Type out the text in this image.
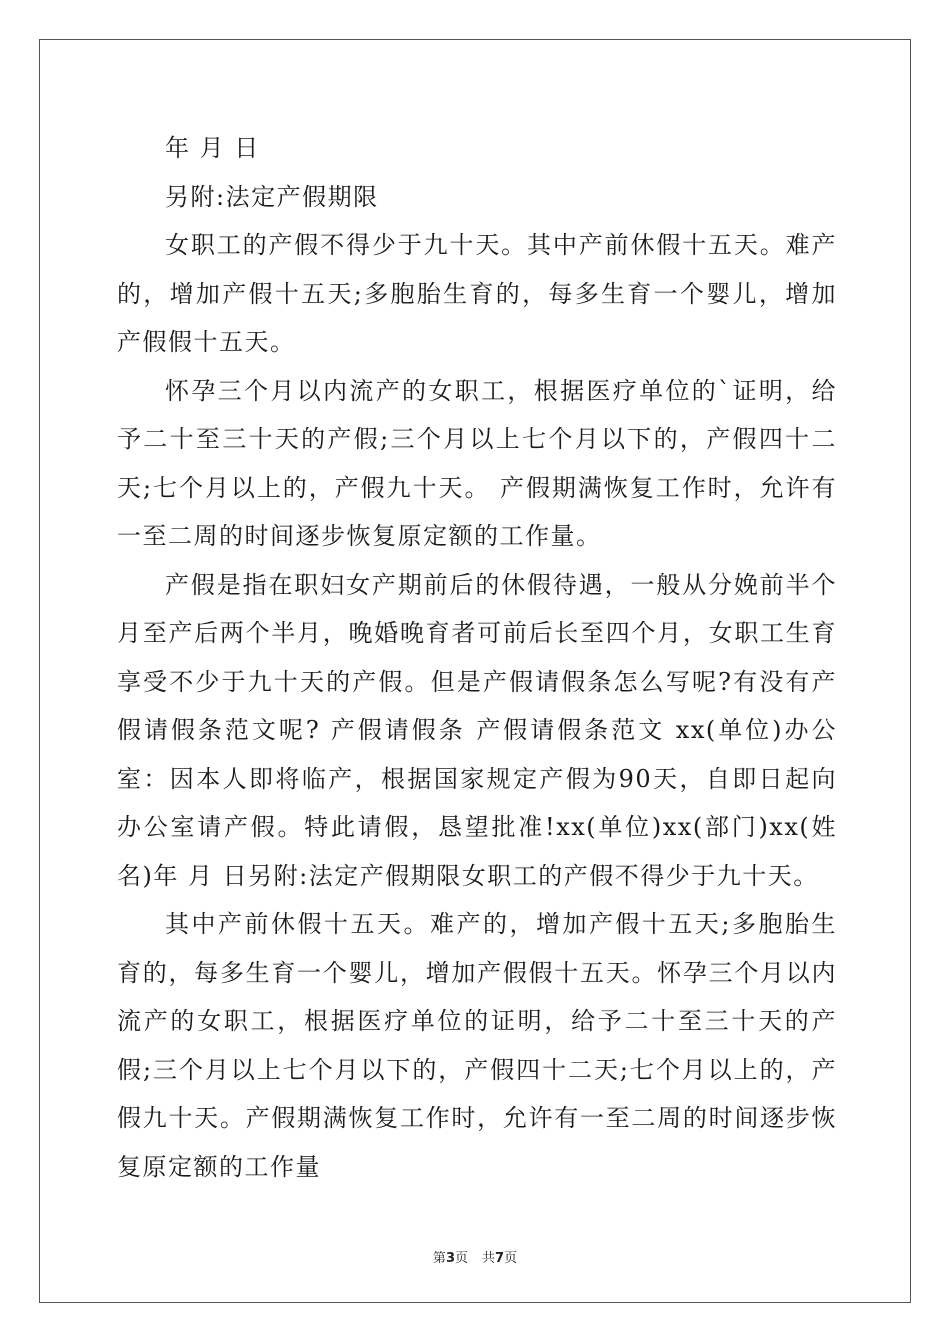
年 月 日

另附:法定产假期限

女职工的产假不得少于九十天。其中产前休假十五天。难产的，增加产假十五天;多胞胎生育的，每多生育一个婴儿，增加产假假十五天。

怀孕三个月以内流产的女职工，根据医疗单位的`证明，给予二十至三十天的产假;三个月以上七个月以下的，产假四十二天;七个月以上的，产假九十天。 产假期满恢复工作时，允许有一至二周的时间逐步恢复原定额的工作量。

产假是指在职妇女产期前后的休假待遇，一般从分娩前半个月至产后两个半月，晚婚晚育者可前后长至四个月，女职工生育享受不少于九十天的产假。但是产假请假条怎么写呢?有没有产假请假条范文呢? 产假请假条 产假请假条范文 xx(单位)办公室：因本人即将临产，根据国家规定产假为90天，自即日起向办公室请产假。特此请假，恳望批准!xx(单位)xx(部门)xx(姓名)年 月 日另附:法定产假期限女职工的产假不得少于九十天。

其中产前休假十五天。难产的，增加产假十五天;多胞胎生育的，每多生育一个婴儿，增加产假假十五天。怀孕三个月以内流产的女职工，根据医疗单位的证明，给予二十至三十天的产假;三个月以上七个月以下的，产假四十二天;七个月以上的，产假九十天。产假期满恢复工作时，允许有一至二周的时间逐步恢复原定额的工作量

第3页 共7页
